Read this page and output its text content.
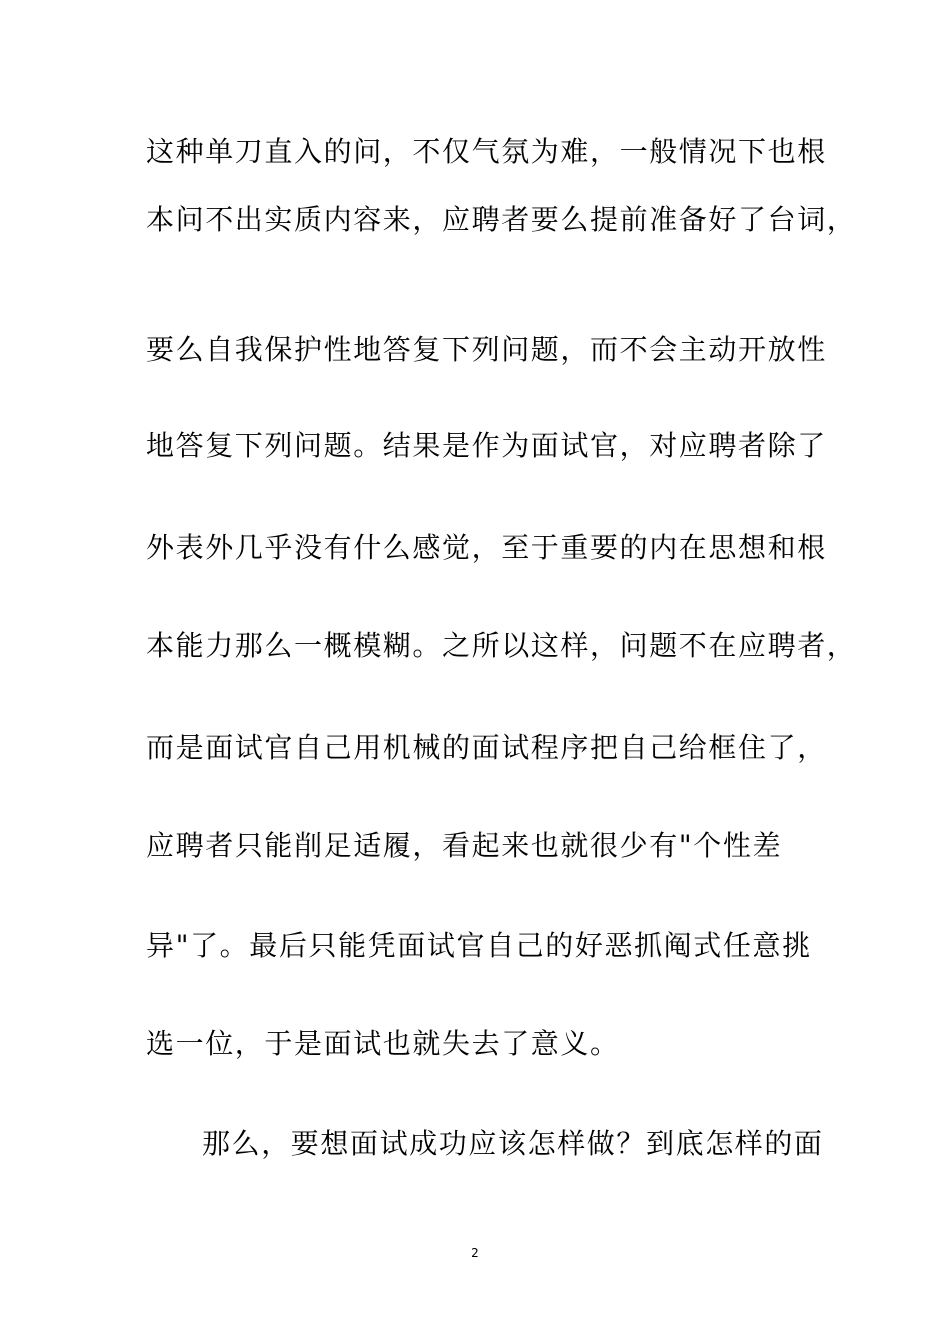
这种单刀直入的问，不仅气氛为难，一般情况下也根
本问不出实质内容来，应聘者要么提前准备好了台词，
要么自我保护性地答复下列问题，而不会主动开放性
地答复下列问题。结果是作为面试官，对应聘者除了
外表外几乎没有什么感觉，至于重要的内在思想和根
本能力那么一概模糊。之所以这样，问题不在应聘者，
而是面试官自己用机械的面试程序把自己给框住了，
应聘者只能削足适履，看起来也就很少有"个性差
异"了。最后只能凭面试官自己的好恶抓阄式任意挑
选一位，于是面试也就失去了意义。
那么，要想面试成功应该怎样做？到底怎样的面
2
